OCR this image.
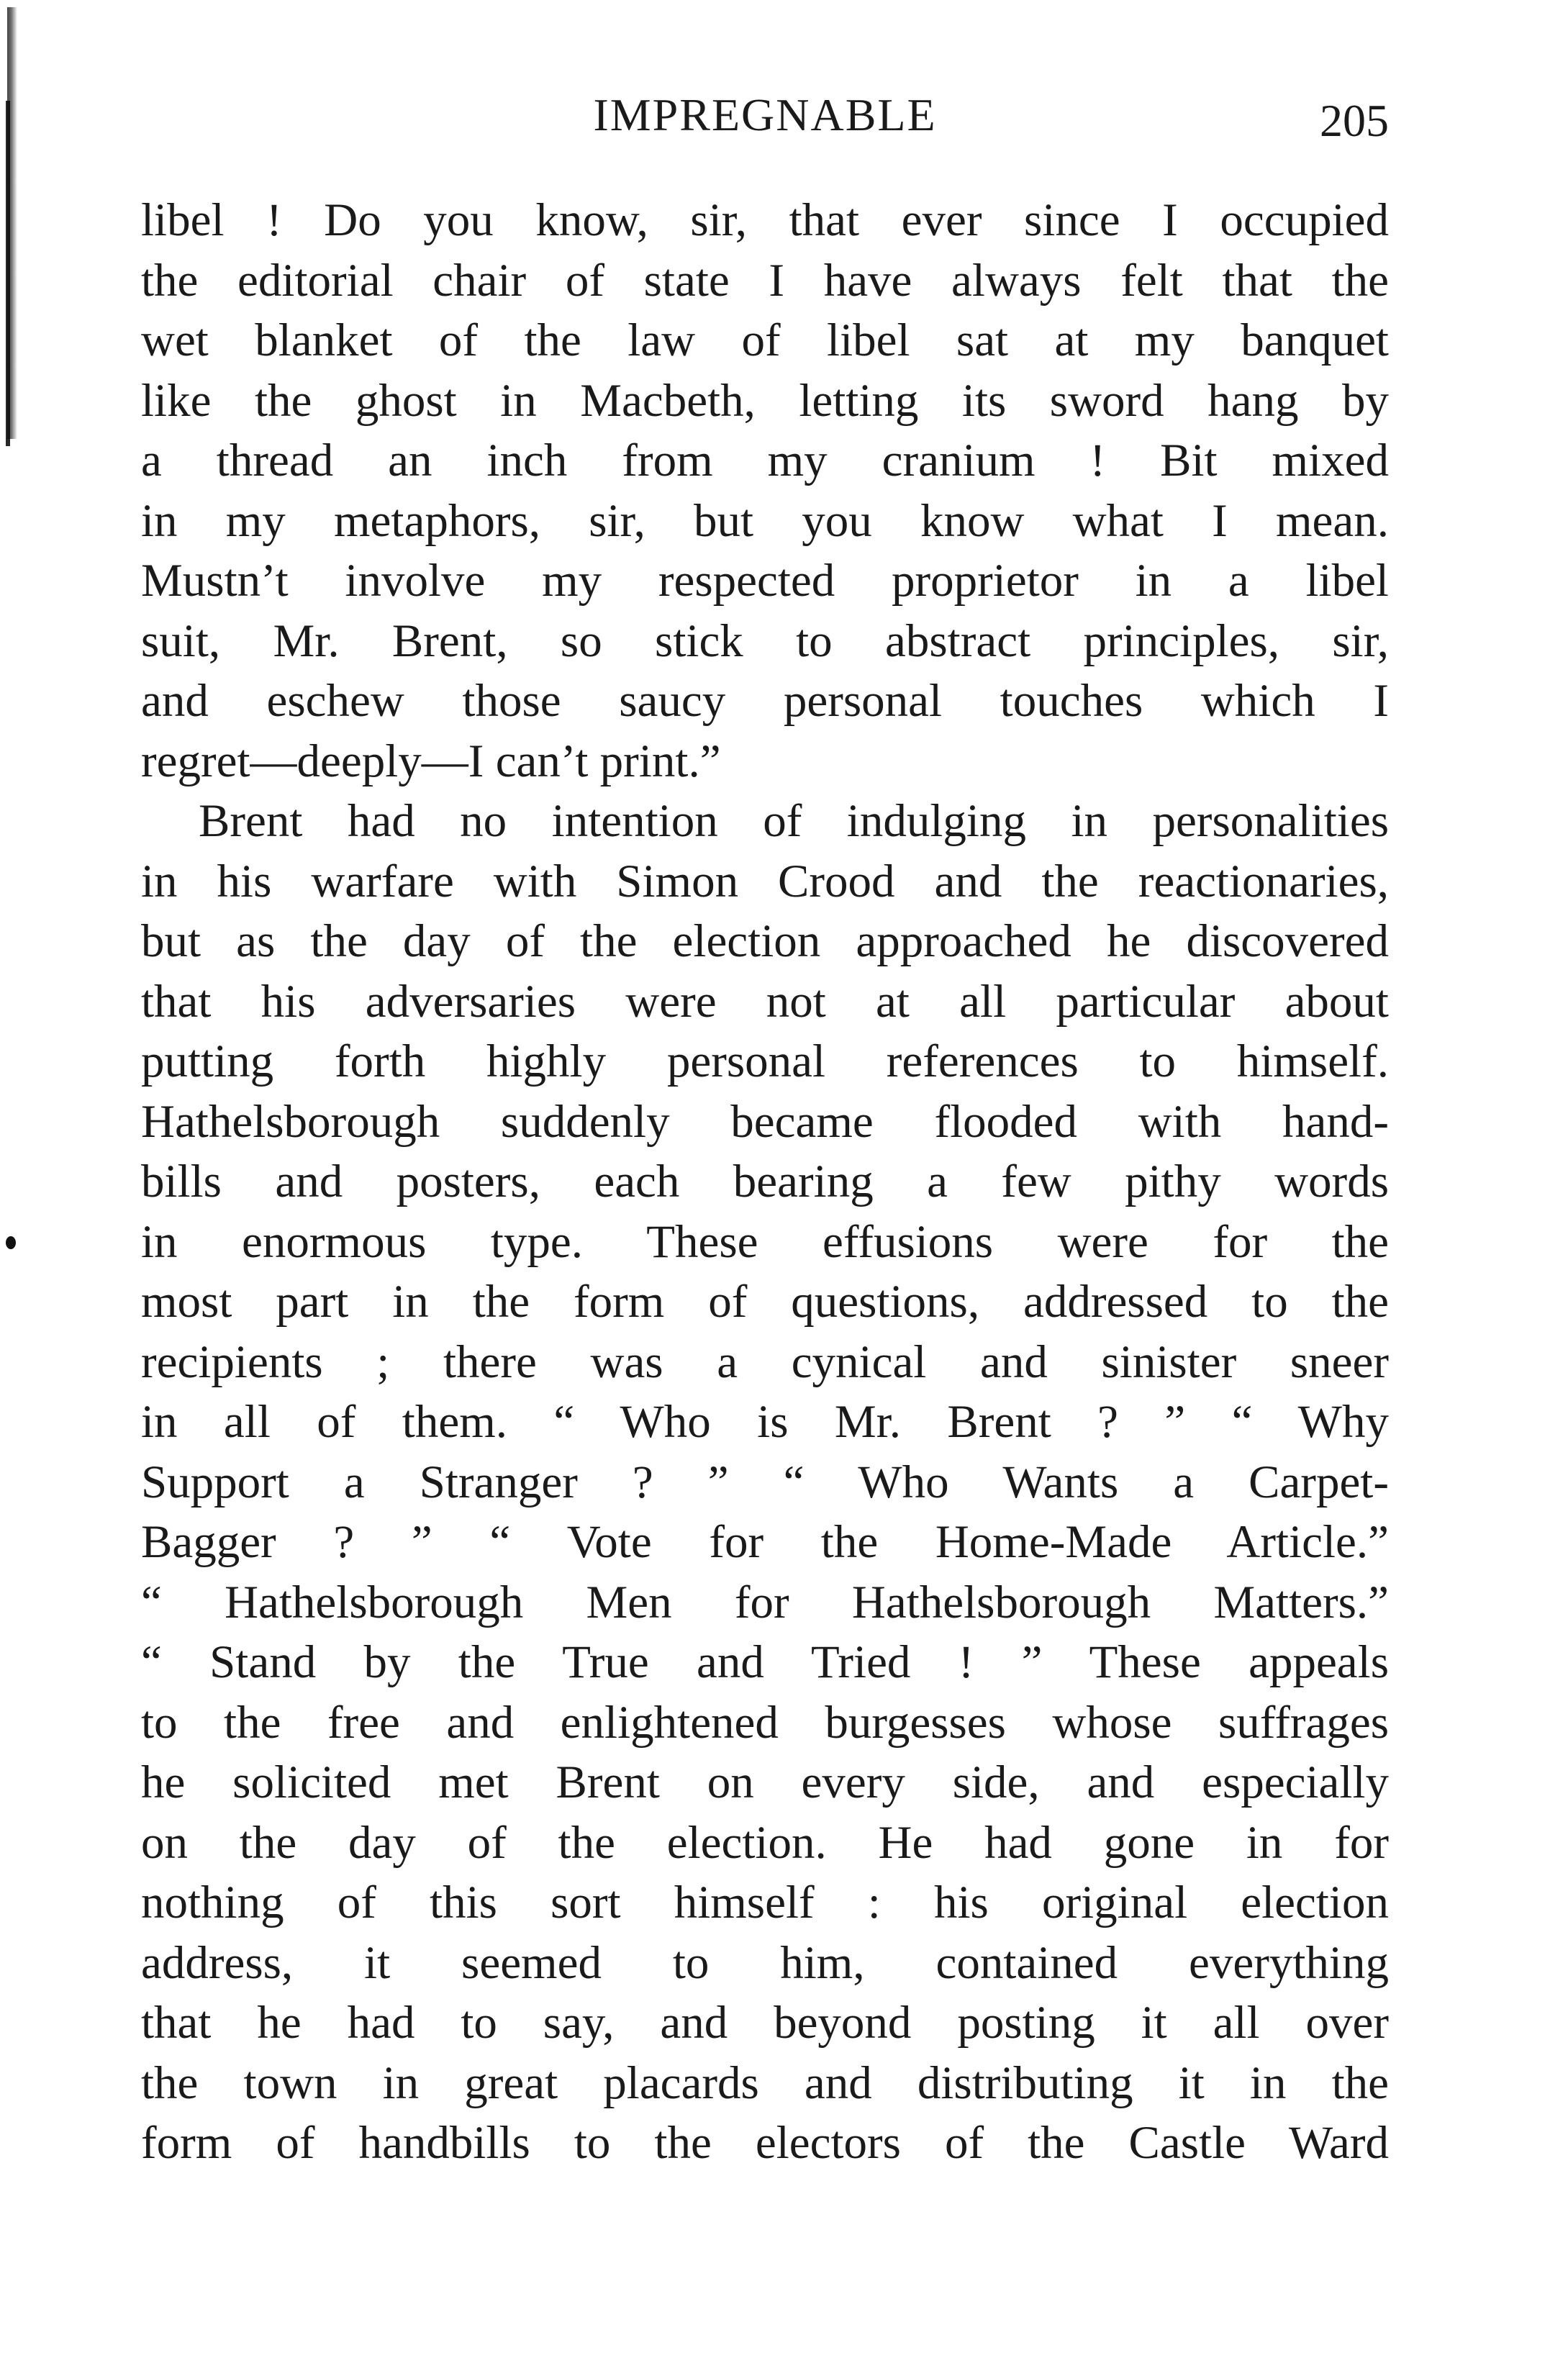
IMPREGNABLE	205
libel ! Do you know, sir, that ever since I occupied
the editorial chair of state I have always felt that the
wet blanket of the law of libel sat at my banquet
like the ghost in Macbeth, letting its sword hang by
a thread an inch from my cranium ! Bit mixed
in my metaphors, sir, but you know what I mean.
Mustn’t involve my respected proprietor in a libel
suit, Mr. Brent, so stick to abstract principles, sir,
and eschew those saucy personal touches which I
regret—deeply—I can’t print.”
Brent had no intention of indulging in personalities
in his warfare with Simon Crood and the reactionaries,
but as the day of the election approached he discovered
that his adversaries were not at all particular about
putting forth highly personal references to himself.
Hathelsborough suddenly became flooded with hand-
bills and posters, each bearing a few pithy words
in enormous type. These effusions were for the
most part in the form of questions, addressed to the
recipients ; there was a cynical and sinister sneer
in all of them. “ Who is Mr. Brent ? ” “ Why
Support a Stranger ? ” “ Who Wants a Carpet-
Bagger ? ” “ Vote for the Home-Made Article.”
“ Hathelsborough Men for Hathelsborough Matters.”
“ Stand by the True and Tried ! ” These appeals
to the free and enlightened burgesses whose suffrages
he solicited met Brent on every side, and especially
on the day of the election. He had gone in for
nothing of this sort himself : his original election
address, it seemed to him, contained everything
that he had to say, and beyond posting it all over
the town in great placards and distributing it in the
form of handbills to the electors of the Castle Ward
